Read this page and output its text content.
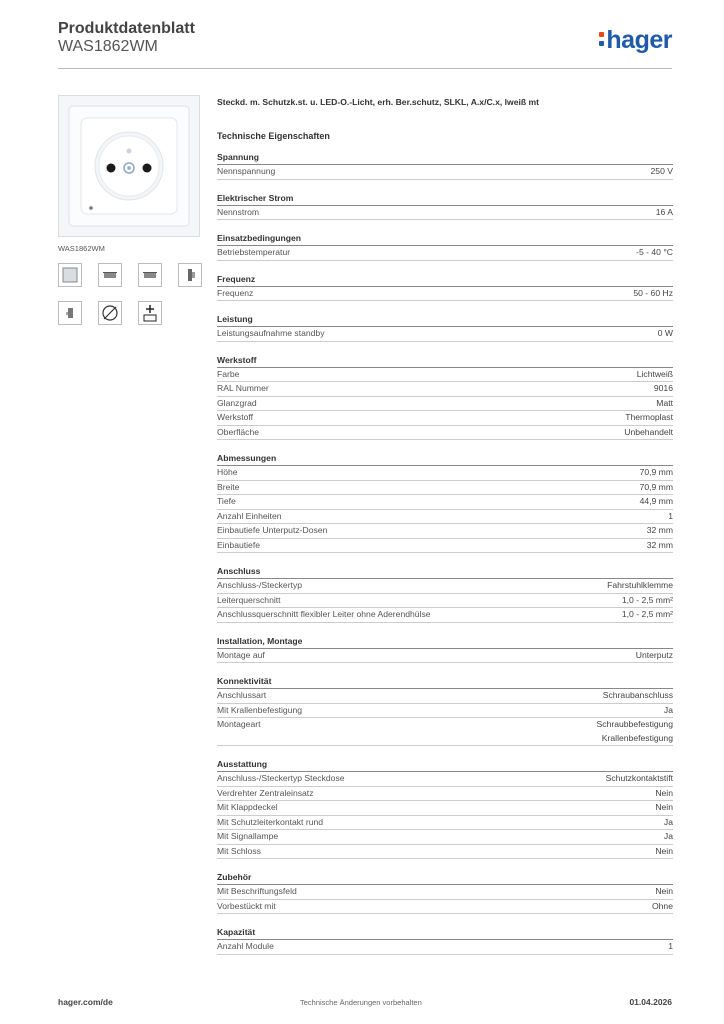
Produktdatenblatt
WAS1862WM	hager
WAS1862WM
Steckd. m. Schutzk.st. u. LED-O.-Licht, erh. Ber.schutz, SLKL, A.x/C.x, lweiß mt
Technische Eigenschaften
Spannung
Nennspannung	250 V
Elektrischer Strom
Nennstrom	16 A
Einsatzbedingungen
Betriebstemperatur	-5 - 40 °C
Frequenz
Frequenz	50 - 60 Hz
Leistung
Leistungsaufnahme standby	0 W
Werkstoff
Farbe	Lichtweiß
RAL Nummer	9016
Glanzgrad	Matt
Werkstoff	Thermoplast
Oberfläche	Unbehandelt
Abmessungen
Höhe	70,9 mm
Breite	70,9 mm
Tiefe	44,9 mm
Anzahl Einheiten	1
Einbautiefe Unterputz-Dosen	32 mm
Einbautiefe	32 mm
Anschluss
Anschluss-/Steckertyp	Fahrstuhlklemme
Leiterquerschnitt	1,0 - 2,5 mm²
Anschlussquerschnitt flexibler Leiter ohne Aderendhülse	1,0 - 2,5 mm²
Installation, Montage
Montage auf	Unterputz
Konnektivität
Anschlussart	Schraubanschluss
Mit Krallenbefestigung	Ja
Montageart	Schraubbefestigung
Krallenbefestigung
Ausstattung
Anschluss-/Steckertyp Steckdose	Schutzkontaktstift
Verdrehter Zentraleinsatz	Nein
Mit Klappdeckel	Nein
Mit Schutzleiterkontakt rund	Ja
Mit Signallampe	Ja
Mit Schloss	Nein
Zubehör
Mit Beschriftungsfeld	Nein
Vorbestückt mit	Ohne
Kapazität
Anzahl Module	1
hager.com/de	Technische Änderungen vorbehalten	01.04.2026
